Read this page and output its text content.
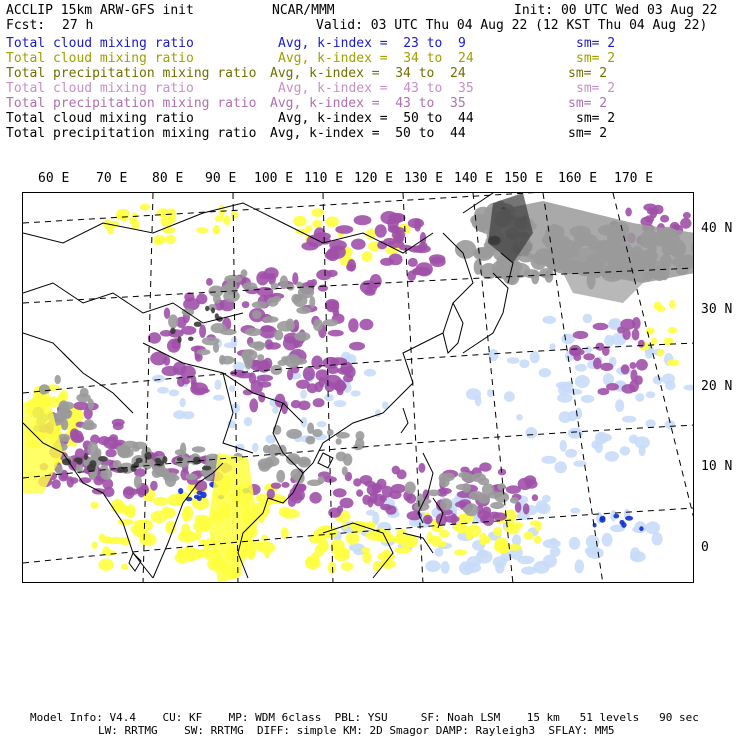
ACCLIP 15km ARW-GFS init	NCAR/MMM	Init: 00 UTC Wed 03 Aug 22
Fcst: 27 h	Valid: 03 UTC Thu 04 Aug 22 (12 KST Thu 04 Aug 22)
Total cloud mixing ratio	Avg, k-index =  23 to  9	sm= 2
Total cloud mixing ratio	Avg, k-index =  34 to  24	sm= 2
Total precipitation mixing ratio Avg, k-index =  34 to  24	sm= 2
Total cloud mixing ratio	Avg, k-index =  43 to  35	sm= 2
Total precipitation mixing ratio Avg, k-index =  43 to  35	sm= 2
Total cloud mixing ratio	Avg, k-index =  50 to  44	sm= 2
Total precipitation mixing ratio Avg, k-index =  50 to  44	sm= 2
60 E 70 E 80 E 90 E 100 E 110 E 120 E 130 E 140 E 150 E 160 E 170 E
40 N
30 N
20 N
10 N
0
Model Info: V4.4    CU: KF    MP: WDM 6class  PBL: YSU     SF: Noah LSM    15 km   51 levels   90 sec
LW: RRTMG    SW: RRTMG  DIFF: simple KM: 2D Smagor DAMP: Rayleigh3  SFLAY: MM5
